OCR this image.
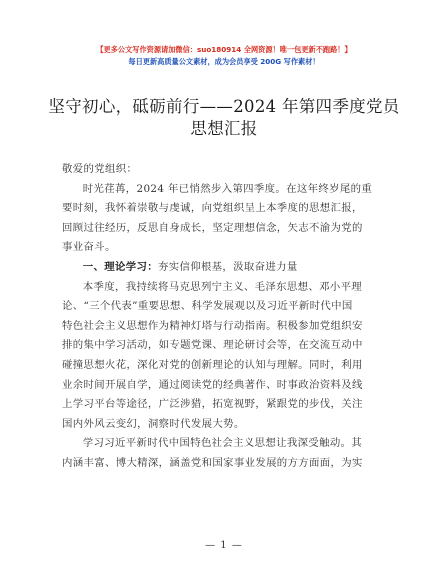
【更多公文写作资源请加微信：suo180914 全网资源！唯一包更新不跑路！】
每日更新高质量公文素材，成为会员享受 200G 写作素材！
坚守初心，砥砺前行——2024 年第四季度党员
思想汇报

敬爱的党组织：

时光荏苒，2024 年已悄然步入第四季度。在这年终岁尾的重

要时刻，我怀着崇敬与虔诚，向党组织呈上本季度的思想汇报，

回顾过往经历，反思自身成长，坚定理想信念，矢志不渝为党的

事业奋斗。

一、理论学习：夯实信仰根基，汲取奋进力量

本季度，我持续将马克思列宁主义、毛泽东思想、邓小平理

论、“三个代表”重要思想、科学发展观以及习近平新时代中国

特色社会主义思想作为精神灯塔与行动指南。积极参加党组织安

排的集中学习活动，如专题党课、理论研讨会等，在交流互动中

碰撞思想火花，深化对党的创新理论的认知与理解。同时，利用

业余时间开展自学，通过阅读党的经典著作、时事政治资料及线

上学习平台等途径，广泛涉猎，拓宽视野，紧跟党的步伐，关注

国内外风云变幻，洞察时代发展大势。

学习习近平新时代中国特色社会主义思想让我深受触动。其

内涵丰富、博大精深，涵盖党和国家事业发展的方方面面，为实

— 1 —
